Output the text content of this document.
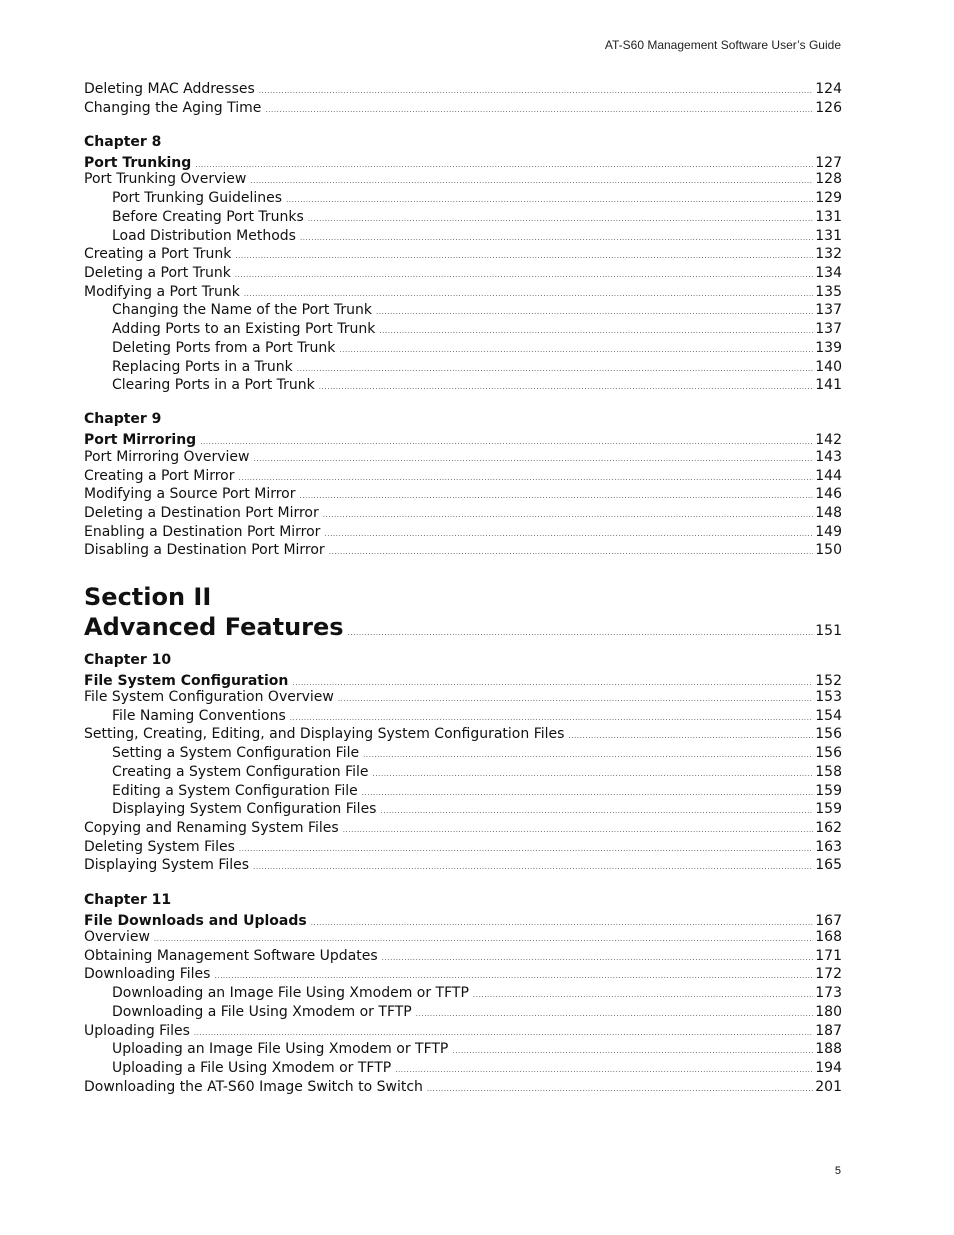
AT-S60 Management Software User’s Guide
Deleting MAC Addresses .....	124
Changing the Aging Time .....	126
Chapter 8
Port Trunking .....	127
Port Trunking Overview .....	128
Port Trunking Guidelines .....	129
Before Creating Port Trunks .....	131
Load Distribution Methods .....	131
Creating a Port Trunk .....	132
Deleting a Port Trunk .....	134
Modifying a Port Trunk .....	135
Changing the Name of the Port Trunk .....	137
Adding Ports to an Existing Port Trunk .....	137
Deleting Ports from a Port Trunk .....	139
Replacing Ports in a Trunk .....	140
Clearing Ports in a Port Trunk .....	141
Chapter 9
Port Mirroring .....	142
Port Mirroring Overview .....	143
Creating a Port Mirror .....	144
Modifying a Source Port Mirror .....	146
Deleting a Destination Port Mirror .....	148
Enabling a Destination Port Mirror .....	149
Disabling a Destination Port Mirror .....	150
Section II
Advanced Features .....	151
Chapter 10
File System Configuration .....	152
File System Configuration Overview .....	153
File Naming Conventions .....	154
Setting, Creating, Editing, and Displaying System Configuration Files .....	156
Setting a System Configuration File .....	156
Creating a System Configuration File .....	158
Editing a System Configuration File .....	159
Displaying System Configuration Files .....	159
Copying and Renaming System Files .....	162
Deleting System Files .....	163
Displaying System Files .....	165
Chapter 11
File Downloads and Uploads .....	167
Overview .....	168
Obtaining Management Software Updates .....	171
Downloading Files .....	172
Downloading an Image File Using Xmodem or TFTP .....	173
Downloading a File Using Xmodem or TFTP .....	180
Uploading Files .....	187
Uploading an Image File Using Xmodem or TFTP .....	188
Uploading a File Using Xmodem or TFTP .....	194
Downloading the AT-S60 Image Switch to Switch .....	201
5
